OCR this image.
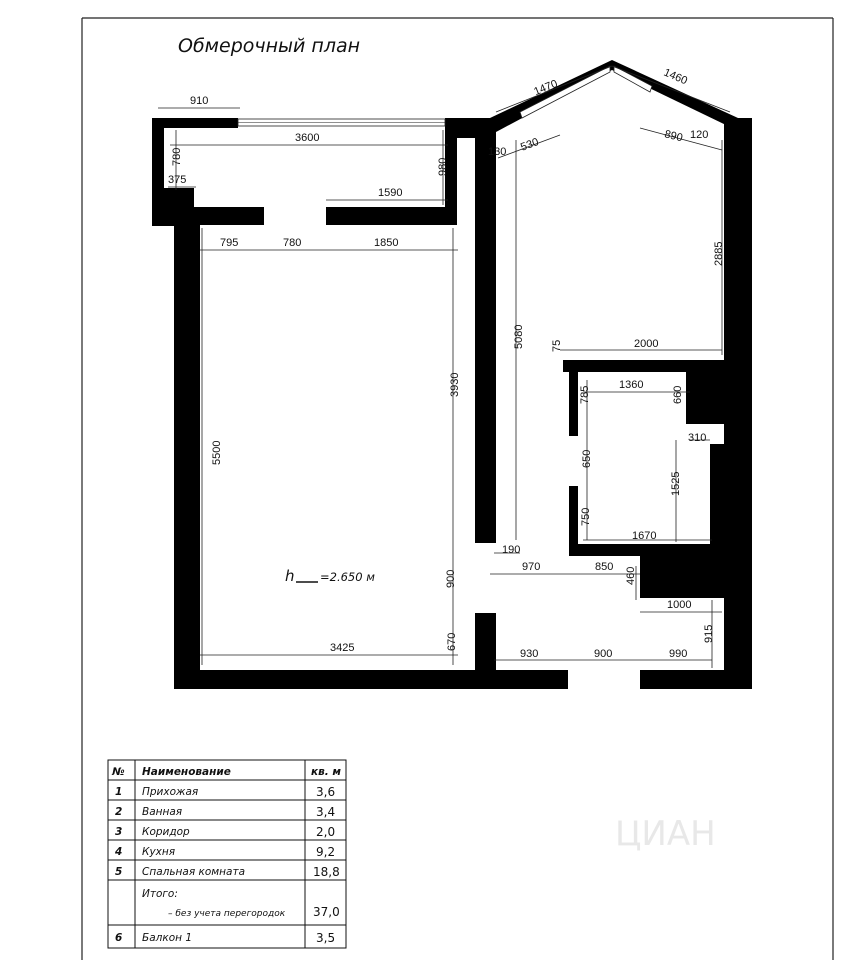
Обмерочный план
910
3600
780
375
980
1590
795	780	1850
5500
3930
900
670
3425
1470
1460
130 530	890 120
2885
5080 75	2000
1360
785	660
310
650
1525
750
1670
190
970	850 460
1000
915
930	900	990
h =2.650 м
ЦИАН
№ Наименование	кв. м
1 Прихожая	3,6
2 Ванная	3,4
3 Коридор	2,0
4 Кухня	9,2
5 Спальная комната	18,8
Итого:
– без учета перегородок 37,0
6 Балкон 1	3,5
